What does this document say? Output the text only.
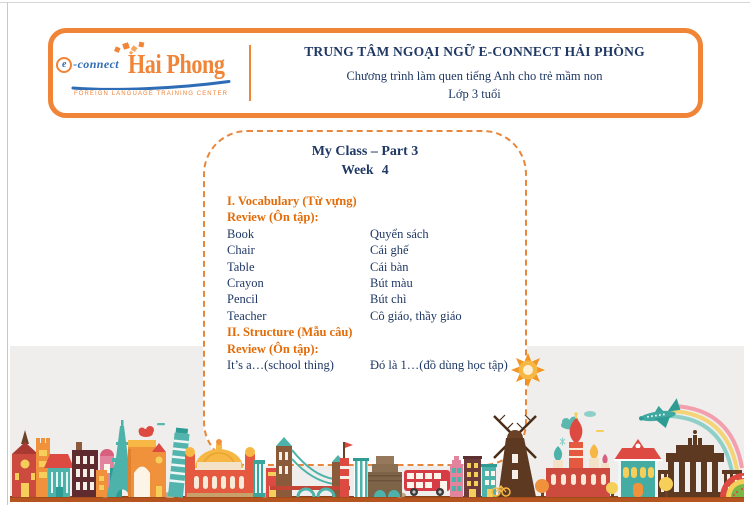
e -connect Hai Phong
FOREIGN LANGUAGE TRAINING CENTER
TRUNG TÂM NGOẠI NGỮ E-CONNECT HẢI PHÒNG
Chương trình làm quen tiếng Anh cho trẻ mầm non
Lớp 3 tuổi
My Class – Part 3
Week 4
I. Vocabulary (Từ vựng)
Review (Ôn tập):
Book	Quyển sách
Chair	Cái ghế
Table	Cái bàn
Crayon	Bút màu
Pencil	Bút chì
Teacher	Cô giáo, thầy giáo
II. Structure (Mẫu câu)
Review (Ôn tập):
It’s a…(school thing)	Đó là 1…(đồ dùng học tập)
